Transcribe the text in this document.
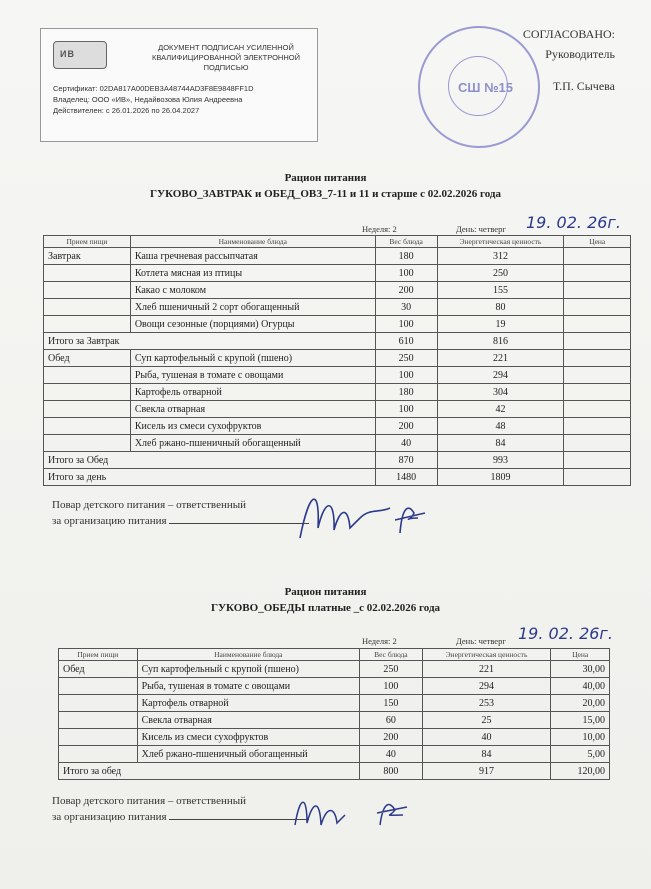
ИВ
ДОКУМЕНТ ПОДПИСАН УСИЛЕННОЙ КВАЛИФИЦИРОВАННОЙ ЭЛЕКТРОННОЙ ПОДПИСЬЮ
Сертификат: 02DA817A00DEB3A48744AD3F8E9848FF1D
Владелец: ООО «ИВ», Недайвозова Юлия Андреевна
Действителен: с 26.01.2026 по 26.04.2027
СШ №15
СОГЛАСОВАНО:
Руководитель
Т.П. Сычева
Рацион питания
ГУКОВО_ЗАВТРАК и ОБЕД_ОВЗ_7-11 и 11 и старше с 02.02.2026 года
Неделя: 2	День: четверг 19. 02. 26г.
Прием пищи	Наименование блюда	Вес блюда	Энергетическая ценность	Цена
Завтрак	Каша гречневая рассыпчатая	180	312	
	Котлета мясная из птицы	100	250	
	Какао с молоком	200	155	
	Хлеб пшеничный 2 сорт обогащенный	30	80	
	Овощи сезонные (порциями) Огурцы	100	19	
Итого за Завтрак		610	816	
Обед	Суп картофельный с крупой (пшено)	250	221	
	Рыба, тушеная в томате с овощами	100	294	
	Картофель отварной	180	304	
	Свекла отварная	100	42	
	Кисель из смеси сухофруктов	200	48	
	Хлеб ржано-пшеничный обогащенный	40	84	
Итого за Обед		870	993	
Итого за день		1480	1809	
Повар детского питания – ответственный
за организацию питания
Рацион питания
ГУКОВО_ОБЕДЫ платные _с 02.02.2026 года
Неделя: 2	День: четверг 19. 02. 26г.
Прием пищи	Наименование блюда	Вес блюда	Энергетическая ценность	Цена
Обед	Суп картофельный с крупой (пшено)	250	221	30,00
	Рыба, тушеная в томате с овощами	100	294	40,00
	Картофель отварной	150	253	20,00
	Свекла отварная	60	25	15,00
	Кисель из смеси сухофруктов	200	40	10,00
	Хлеб ржано-пшеничный обогащенный	40	84	5,00
Итого за обед		800	917	120,00
Повар детского питания – ответственный
за организацию питания
